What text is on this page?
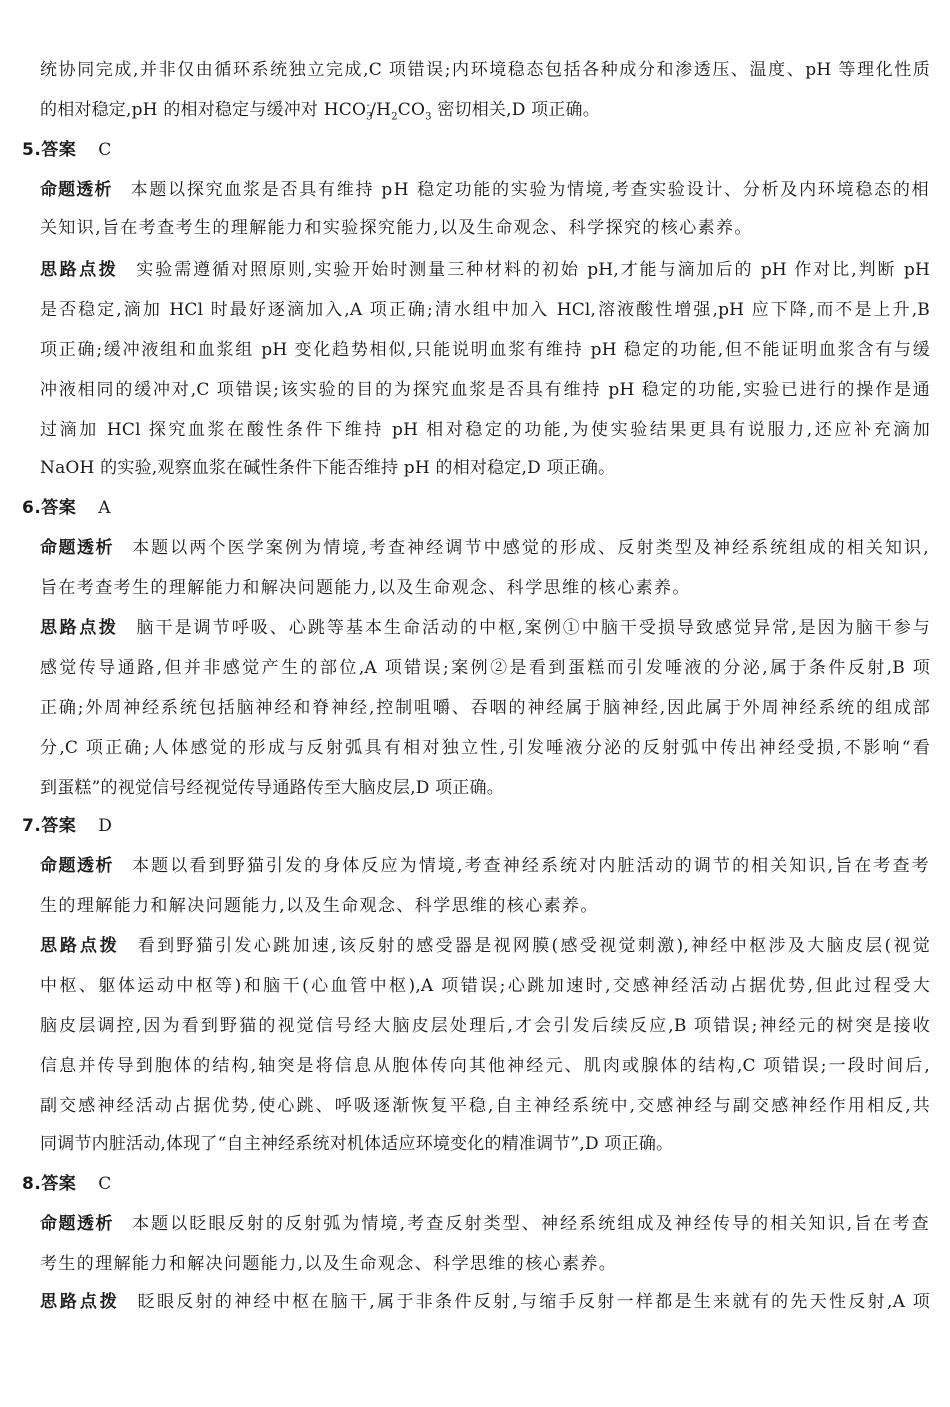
统协同完成,并非仅由循环系统独立完成,C 项错误;内环境稳态包括各种成分和渗透压、温度、pH 等理化性质
的相对稳定,pH 的相对稳定与缓冲对 $HCO_3^-/H_2CO_3$ 密切相关,D 项正确。
5.答案 C
命题透析 本题以探究血浆是否具有维持 pH 稳定功能的实验为情境,考查实验设计、分析及内环境稳态的相
关知识,旨在考查考生的理解能力和实验探究能力,以及生命观念、科学探究的核心素养。
思路点拨 实验需遵循对照原则,实验开始时测量三种材料的初始 pH,才能与滴加后的 pH 作对比,判断 pH
是否稳定,滴加 HCl 时最好逐滴加入,A 项正确;清水组中加入 HCl,溶液酸性增强,pH 应下降,而不是上升,B
项正确;缓冲液组和血浆组 pH 变化趋势相似,只能说明血浆有维持 pH 稳定的功能,但不能证明血浆含有与缓
冲液相同的缓冲对,C 项错误;该实验的目的为探究血浆是否具有维持 pH 稳定的功能,实验已进行的操作是通
过滴加 HCl 探究血浆在酸性条件下维持 pH 相对稳定的功能,为使实验结果更具有说服力,还应补充滴加
NaOH 的实验,观察血浆在碱性条件下能否维持 pH 的相对稳定,D 项正确。
6.答案 A
命题透析 本题以两个医学案例为情境,考查神经调节中感觉的形成、反射类型及神经系统组成的相关知识,
旨在考查考生的理解能力和解决问题能力,以及生命观念、科学思维的核心素养。
思路点拨 脑干是调节呼吸、心跳等基本生命活动的中枢,案例①中脑干受损导致感觉异常,是因为脑干参与
感觉传导通路,但并非感觉产生的部位,A 项错误;案例②是看到蛋糕而引发唾液的分泌,属于条件反射,B 项
正确;外周神经系统包括脑神经和脊神经,控制咀嚼、吞咽的神经属于脑神经,因此属于外周神经系统的组成部
分,C 项正确;人体感觉的形成与反射弧具有相对独立性,引发唾液分泌的反射弧中传出神经受损,不影响“看
到蛋糕”的视觉信号经视觉传导通路传至大脑皮层,D 项正确。
7.答案 D
命题透析 本题以看到野猫引发的身体反应为情境,考查神经系统对内脏活动的调节的相关知识,旨在考查考
生的理解能力和解决问题能力,以及生命观念、科学思维的核心素养。
思路点拨 看到野猫引发心跳加速,该反射的感受器是视网膜(感受视觉刺激),神经中枢涉及大脑皮层(视觉
中枢、躯体运动中枢等)和脑干(心血管中枢),A 项错误;心跳加速时,交感神经活动占据优势,但此过程受大
脑皮层调控,因为看到野猫的视觉信号经大脑皮层处理后,才会引发后续反应,B 项错误;神经元的树突是接收
信息并传导到胞体的结构,轴突是将信息从胞体传向其他神经元、肌肉或腺体的结构,C 项错误;一段时间后,
副交感神经活动占据优势,使心跳、呼吸逐渐恢复平稳,自主神经系统中,交感神经与副交感神经作用相反,共
同调节内脏活动,体现了“自主神经系统对机体适应环境变化的精准调节”,D 项正确。
8.答案 C
命题透析 本题以眨眼反射的反射弧为情境,考查反射类型、神经系统组成及神经传导的相关知识,旨在考查
考生的理解能力和解决问题能力,以及生命观念、科学思维的核心素养。
思路点拨 眨眼反射的神经中枢在脑干,属于非条件反射,与缩手反射一样都是生来就有的先天性反射,A 项
